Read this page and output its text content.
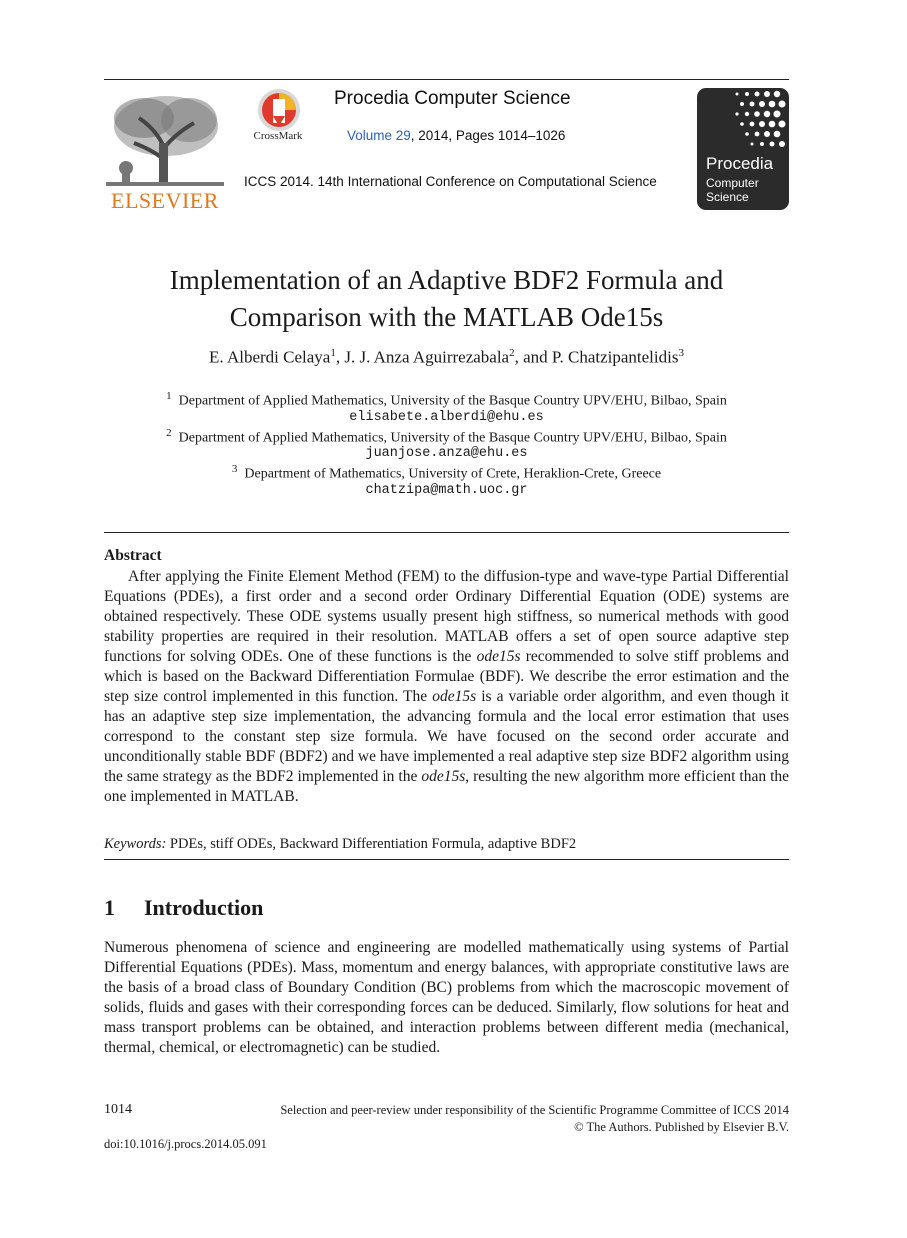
ELSEVIER
CrossMark
Procedia Computer Science
Volume 29, 2014, Pages 1014–1026
ICCS 2014. 14th International Conference on Computational Science
Procedia
Computer
Science
Implementation of an Adaptive BDF2 Formula and
Comparison with the MATLAB Ode15s
E. Alberdi Celaya$^1$, J. J. Anza Aguirrezabala$^2$, and P. Chatzipantelidis$^3$
$^1$ Department of Applied Mathematics, University of the Basque Country UPV/EHU, Bilbao, Spain
elisabete.alberdi@ehu.es
$^2$ Department of Applied Mathematics, University of the Basque Country UPV/EHU, Bilbao, Spain
juanjose.anza@ehu.es
$^3$ Department of Mathematics, University of Crete, Heraklion-Crete, Greece
chatzipa@math.uoc.gr
Abstract

After applying the Finite Element Method (FEM) to the diffusion-type and wave-type Partial Differential Equations (PDEs), a first order and a second order Ordinary Differential Equation (ODE) systems are obtained respectively. These ODE systems usually present high stiffness, so numerical methods with good stability properties are required in their resolution. MATLAB offers a set of open source adaptive step functions for solving ODEs. One of these functions is the ode15s recommended to solve stiff problems and which is based on the Backward Differentiation Formulae (BDF). We describe the error estimation and the step size control implemented in this function. The ode15s is a variable order algorithm, and even though it has an adaptive step size implementation, the advancing formula and the local error estimation that uses correspond to the constant step size formula. We have focused on the second order accurate and unconditionally stable BDF (BDF2) and we have implemented a real adaptive step size BDF2 algorithm using the same strategy as the BDF2 implemented in the ode15s, resulting the new algorithm more efficient than the one implemented in MATLAB.

Keywords: PDEs, stiff ODEs, Backward Differentiation Formula, adaptive BDF2
1 Introduction

Numerous phenomena of science and engineering are modelled mathematically using systems of Partial Differential Equations (PDEs). Mass, momentum and energy balances, with appropriate constitutive laws are the basis of a broad class of Boundary Condition (BC) problems from which the macroscopic movement of solids, fluids and gases with their corresponding forces can be deduced. Similarly, flow solutions for heat and mass transport problems can be obtained, and interaction problems between different media (mechanical, thermal, chemical, or electromagnetic) can be studied.

1014	Selection and peer-review under responsibility of the Scientific Programme Committee of ICCS 2014
© The Authors. Published by Elsevier B.V.
doi:10.1016/j.procs.2014.05.091
